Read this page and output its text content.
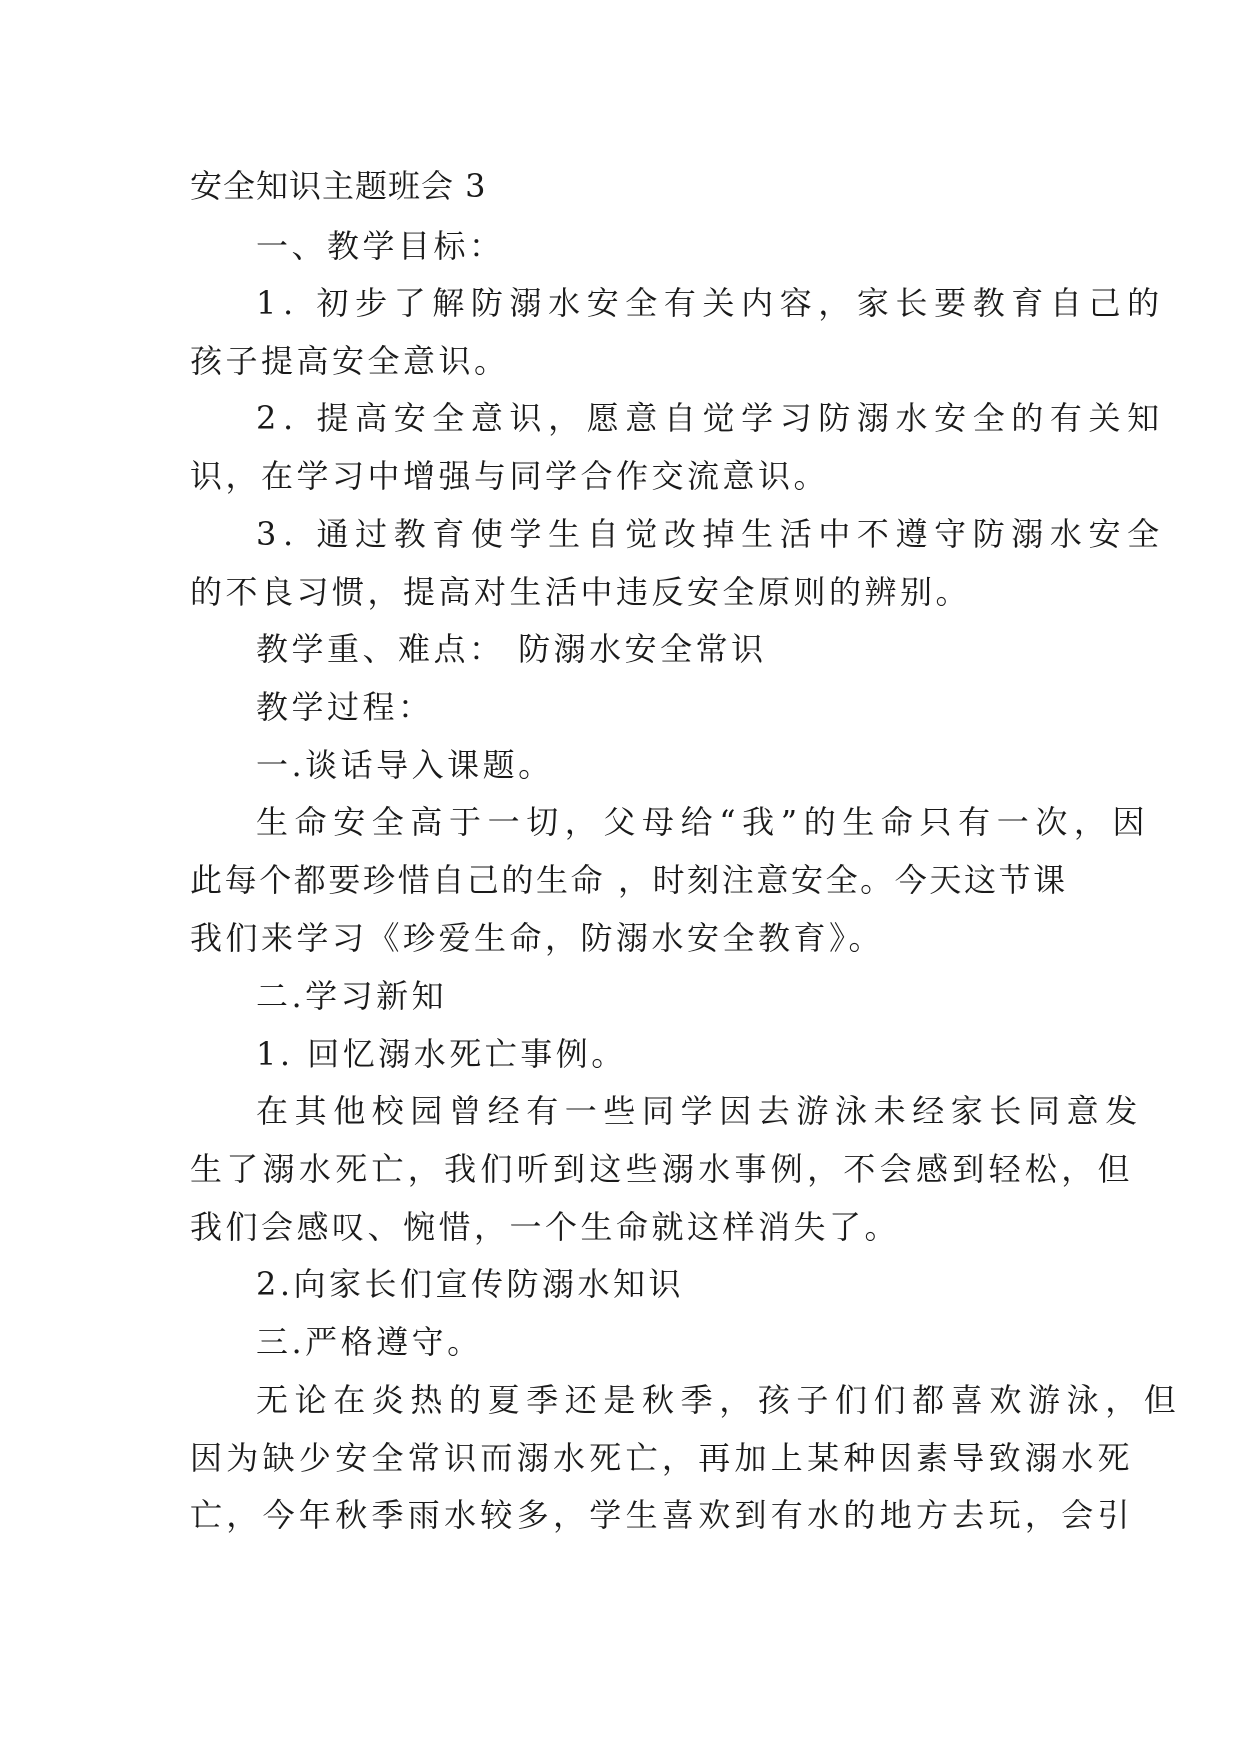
安全知识主题班会 3
一、教学目标：
1. 初步了解防溺水安全有关内容，家长要教育自己的
孩子提高安全意识。
2. 提高安全意识，愿意自觉学习防溺水安全的有关知
识，在学习中增强与同学合作交流意识。
3. 通过教育使学生自觉改掉生活中不遵守防溺水安全
的不良习惯，提高对生活中违反安全原则的辨别。
教学重、难点： 防溺水安全常识
教学过程：
一.谈话导入课题。
生命安全高于一切，父母给“我”的生命只有一次，因
此每个都要珍惜自己的生命 ，时刻注意安全。今天这节课
我们来学习《珍爱生命，防溺水安全教育》。
二.学习新知
1. 回忆溺水死亡事例。
在其他校园曾经有一些同学因去游泳未经家长同意发
生了溺水死亡，我们听到这些溺水事例，不会感到轻松，但
我们会感叹、惋惜，一个生命就这样消失了。
2.向家长们宣传防溺水知识
三.严格遵守。
无论在炎热的夏季还是秋季，孩子们们都喜欢游泳，但
因为缺少安全常识而溺水死亡，再加上某种因素导致溺水死
亡，今年秋季雨水较多，学生喜欢到有水的地方去玩，会引
